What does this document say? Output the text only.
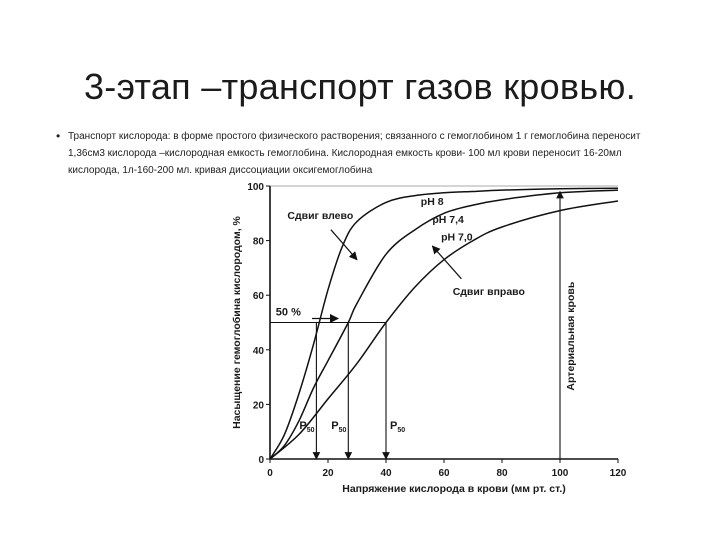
3-этап –транспорт газов кровью.
• Транспорт кислорода: в форме простого физического растворения; связанного с гемоглобином 1 г гемоглобина переносит 1,36см3 кислорода –кислородная емкость гемоглобина. Кислородная емкость крови- 100 мл крови переносит 16-20мл кислорода, 1л-160-200 мл. кривая диссоциации оксигемоглобина
0
20
40
60
80
100
0	20	40	60	80	100	120
Напряжение кислорода в крови (мм рт. ст.)
Насыщение гемоглобина кислородом, %
pH 8
pH 7,4
pH 7,0
50 %
$P_{50}$ $P_{50}$	$P_{50}$
Артериальная кровь
Сдвиг влево
Сдвиг вправо
